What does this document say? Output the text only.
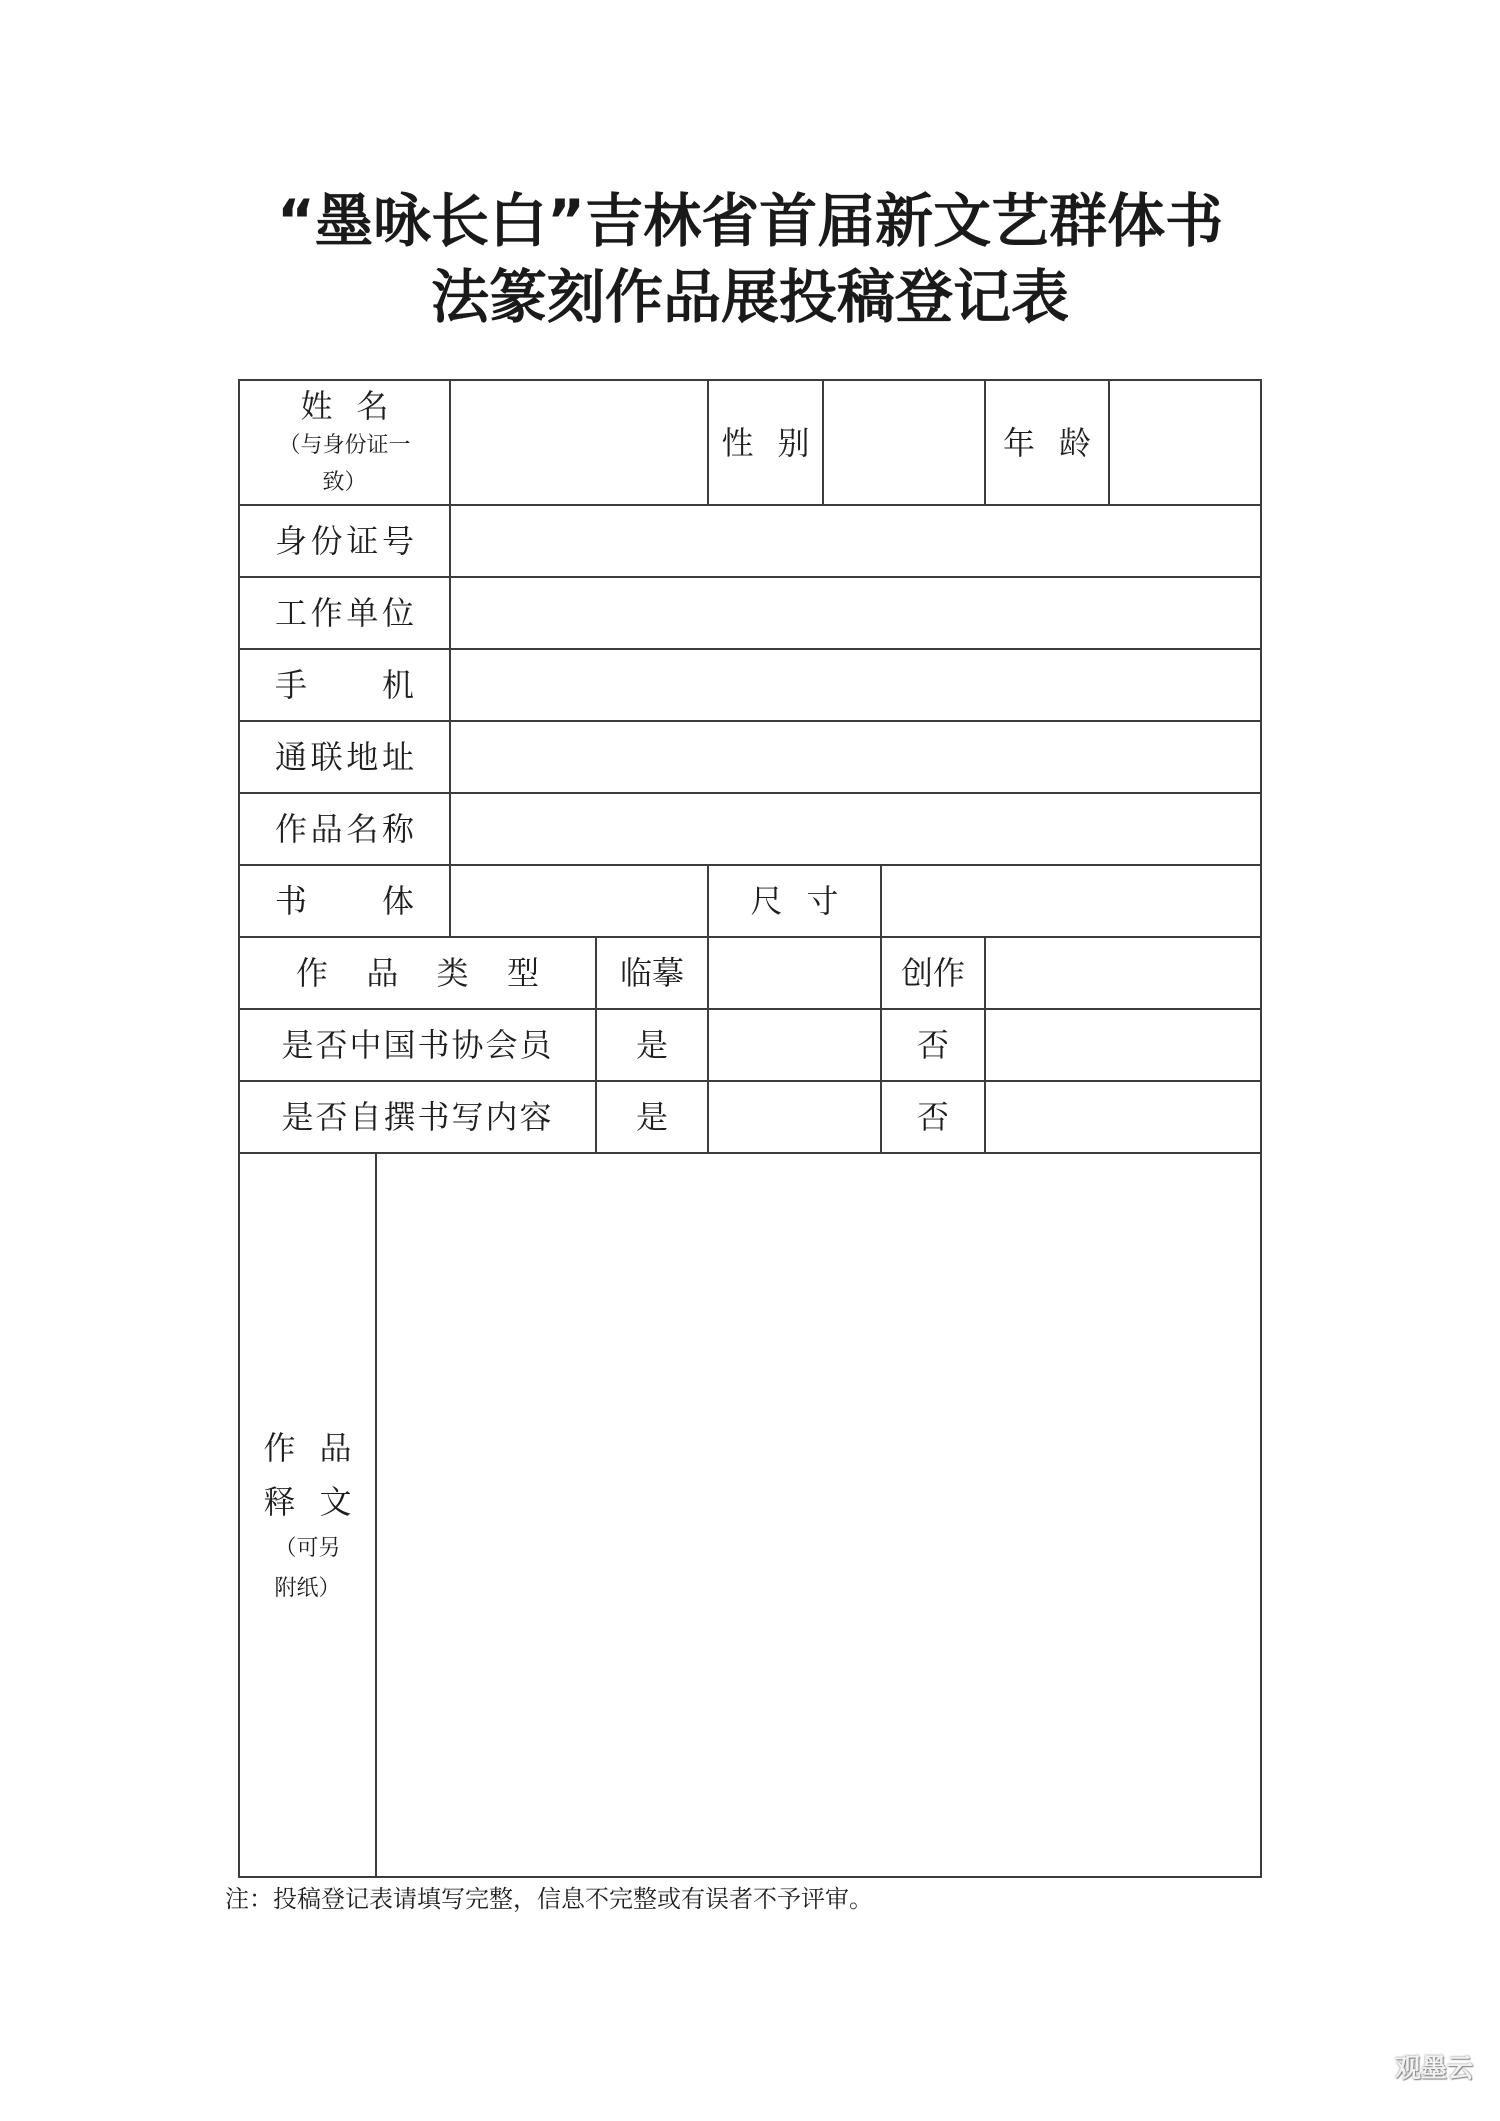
“墨咏长白”吉林省首届新文艺群体书
法篆刻作品展投稿登记表
姓 名
（与身份证一
致）
性 别	年 龄
身份证号
工作单位
手 机
通联地址
作品名称
书 体	尺 寸
作 品 类 型	临摹	创作
是否中国书协会员	是	否
是否自撰书写内容	是	否
作 品
释 文
（可另
附纸）
注：投稿登记表请填写完整，信息不完整或有误者不予评审。
观墨云
